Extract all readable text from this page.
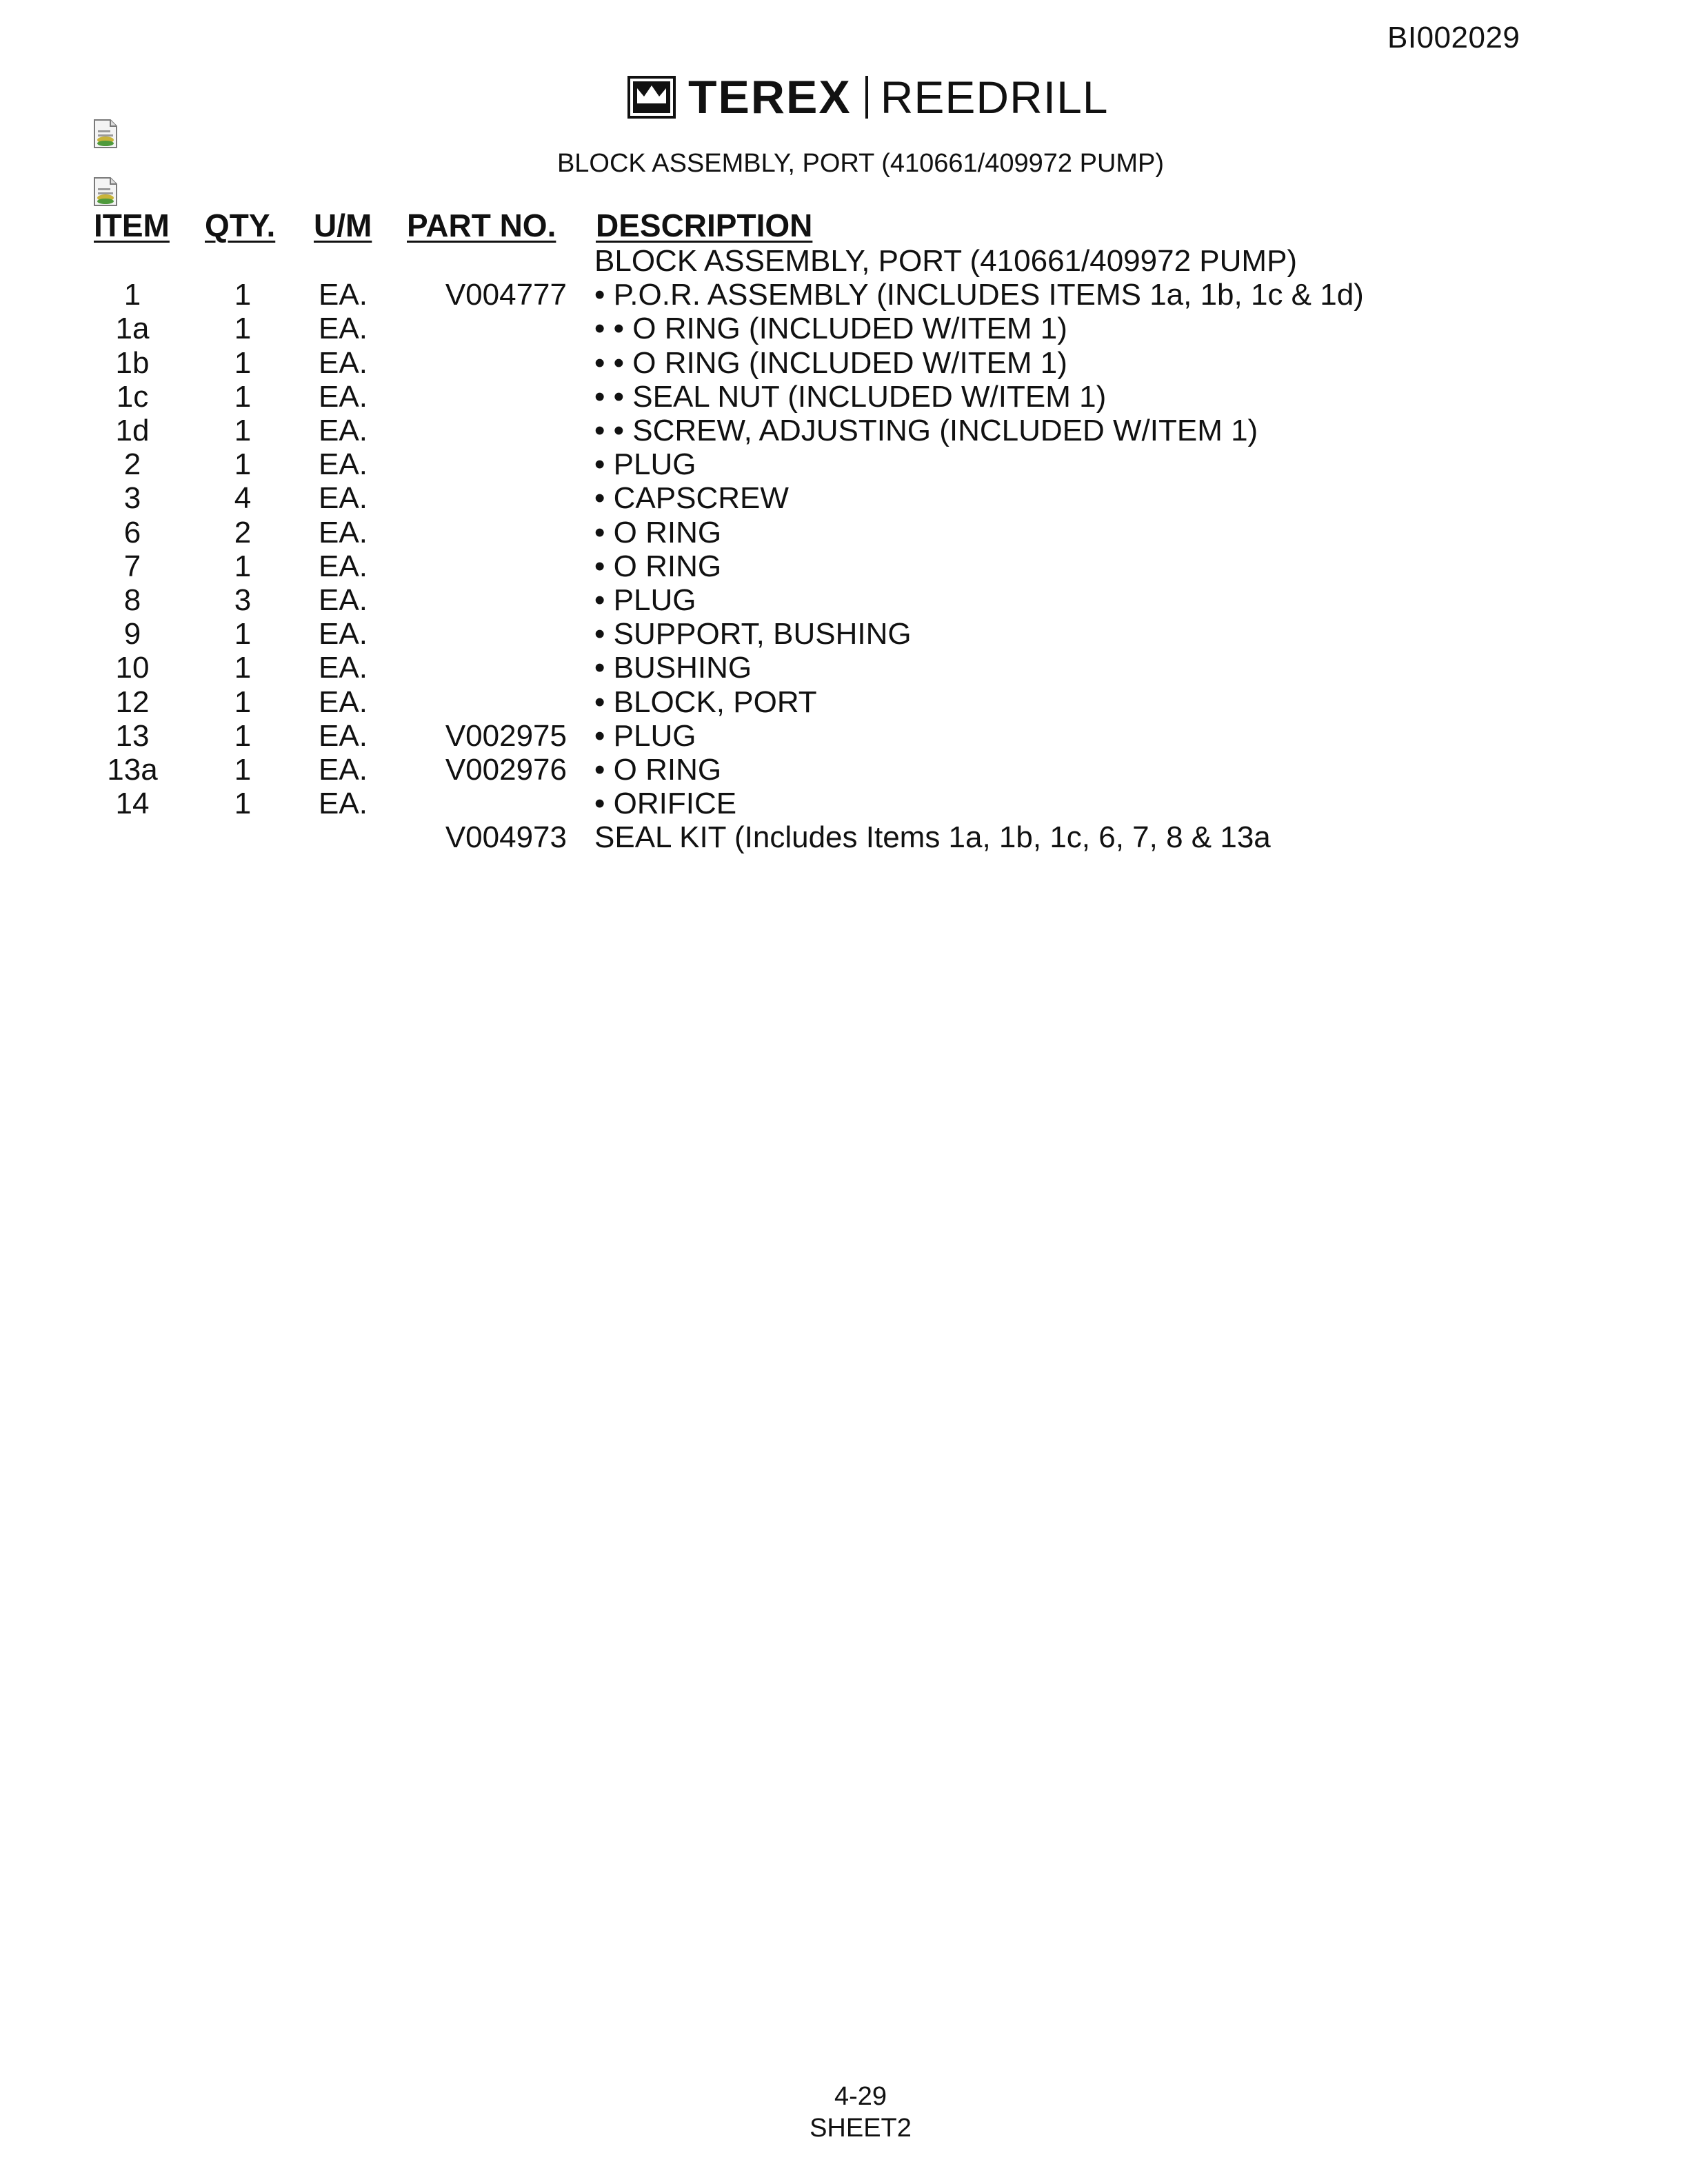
BI002029
TEREX REEDRILL
BLOCK ASSEMBLY, PORT (410661/409972 PUMP)
ITEM QTY. U/M PART NO. DESCRIPTION
BLOCK ASSEMBLY, PORT (410661/409972 PUMP)
1	1	EA.	V004777 • P.O.R. ASSEMBLY (INCLUDES ITEMS 1a, 1b, 1c & 1d)
1a	1	EA.	• • O RING (INCLUDED W/ITEM 1)
1b	1	EA.	• • O RING (INCLUDED W/ITEM 1)
1c	1	EA.	• • SEAL NUT (INCLUDED W/ITEM 1)
1d	1	EA.	• • SCREW, ADJUSTING (INCLUDED W/ITEM 1)
2	1	EA.	• PLUG
3	4	EA.	• CAPSCREW
6	2	EA.	• O RING
7	1	EA.	• O RING
8	3	EA.	• PLUG
9	1	EA.	• SUPPORT, BUSHING
10	1	EA.	• BUSHING
12	1	EA.	• BLOCK, PORT
13	1	EA.	V002975 • PLUG
13a	1	EA.	V002976 • O RING
14	1	EA.	• ORIFICE
V004973 SEAL KIT (Includes Items 1a, 1b, 1c, 6, 7, 8 & 13a
4-29
SHEET2
